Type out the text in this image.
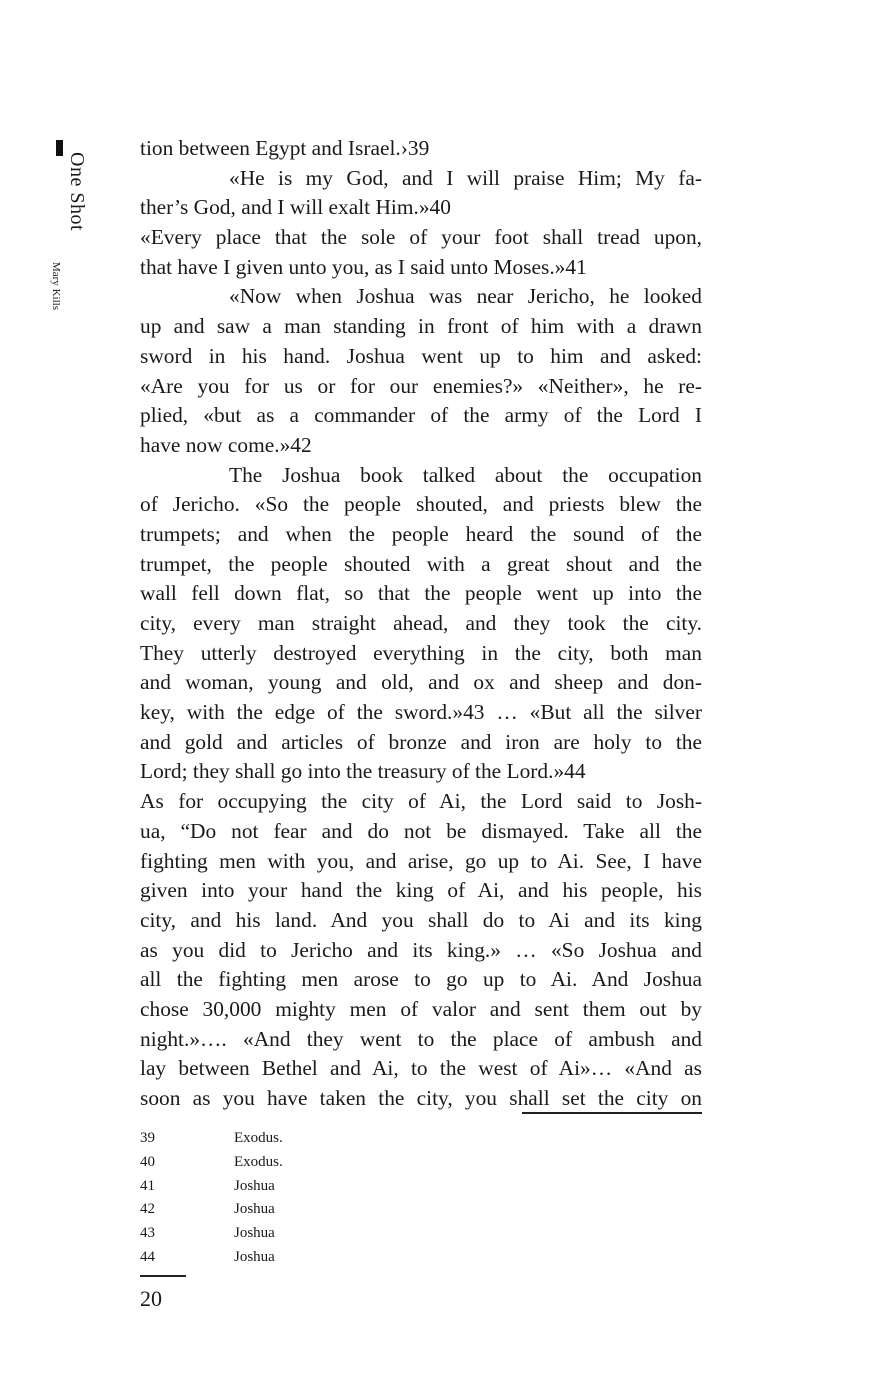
One Shot
Mary Kills
tion between Egypt and Israel.›39
«He is my God, and I will praise Him; My fa-
ther’s God, and I will exalt Him.»40
«Every place that the sole of your foot shall tread upon,
that have I given unto you, as I said unto Moses.»41
«Now when Joshua was near Jericho, he looked
up and saw a man standing in front of him with a drawn
sword in his hand. Joshua went up to him and asked:
«Are you for us or for our enemies?» «Neither», he re-
plied, «but as a commander of the army of the Lord I
have now come.»42
The Joshua book talked about the occupation
of Jericho. «So the people shouted, and priests blew the
trumpets; and when the people heard the sound of the
trumpet, the people shouted with a great shout and the
wall fell down flat, so that the people went up into the
city, every man straight ahead, and they took the city.
They utterly destroyed everything in the city, both man
and woman, young and old, and ox and sheep and don-
key, with the edge of the sword.»43 … «But all the silver
and gold and articles of bronze and iron are holy to the
Lord; they shall go into the treasury of the Lord.»44
As for occupying the city of Ai, the Lord said to Josh-
ua, “Do not fear and do not be dismayed. Take all the
fighting men with you, and arise, go up to Ai. See, I have
given into your hand the king of Ai, and his people, his
city, and his land. And you shall do to Ai and its king
as you did to Jericho and its king.» … «So Joshua and
all the fighting men arose to go up to Ai. And Joshua
chose 30,000 mighty men of valor and sent them out by
night.»…. «And they went to the place of ambush and
lay between Bethel and Ai, to the west of Ai»… «And as
soon as you have taken the city, you shall set the city on
39	Exodus.
40	Exodus.
41	Joshua
42	Joshua
43	Joshua
44	Joshua
20
